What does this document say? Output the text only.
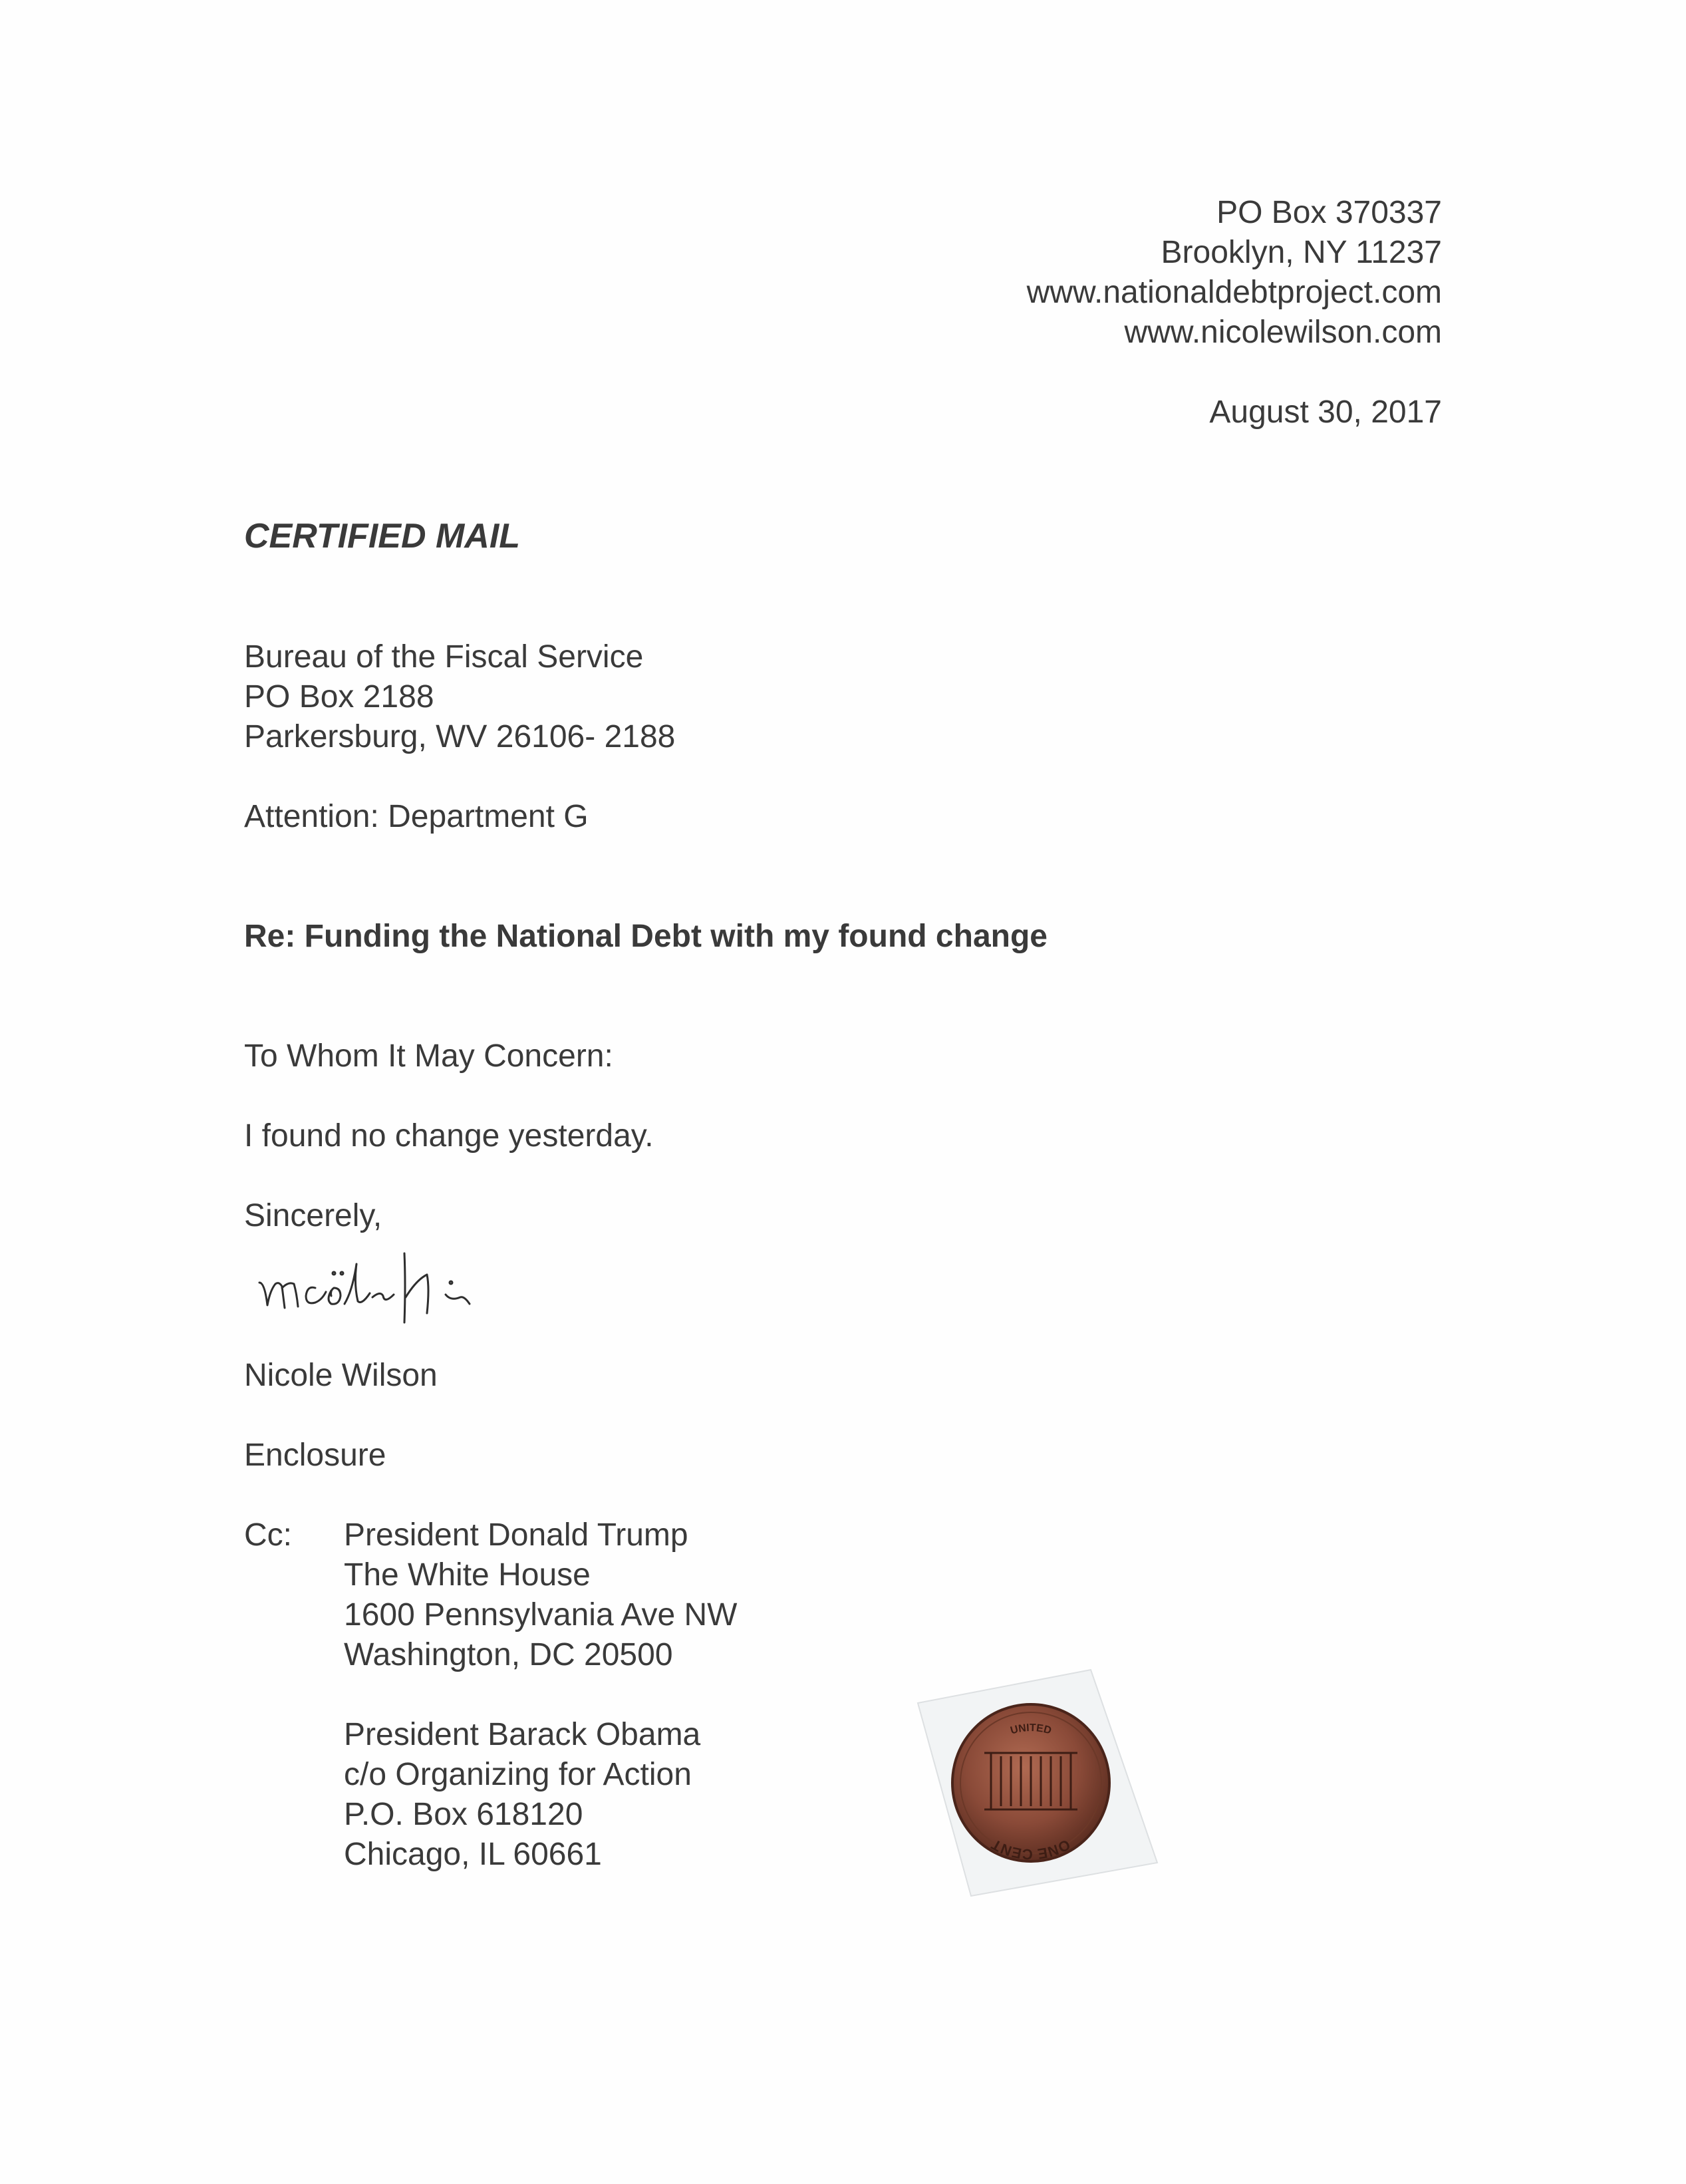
PO Box 370337
Brooklyn, NY 11237
www.nationaldebtproject.com
www.nicolewilson.com
August 30, 2017
CERTIFIED MAIL
Bureau of the Fiscal Service
PO Box 2188
Parkersburg, WV 26106- 2188
Attention: Department G
Re: Funding the National Debt with my found change
To Whom It May Concern:
I found no change yesterday.
Sincerely,
Nicole Wilson
Enclosure
Cc: President Donald Trump
The White House
1600 Pennsylvania Ave NW
Washington, DC 20500
President Barack Obama
c/o Organizing for Action
P.O. Box 618120
Chicago, IL 60661	ONE CENT
UNITED
